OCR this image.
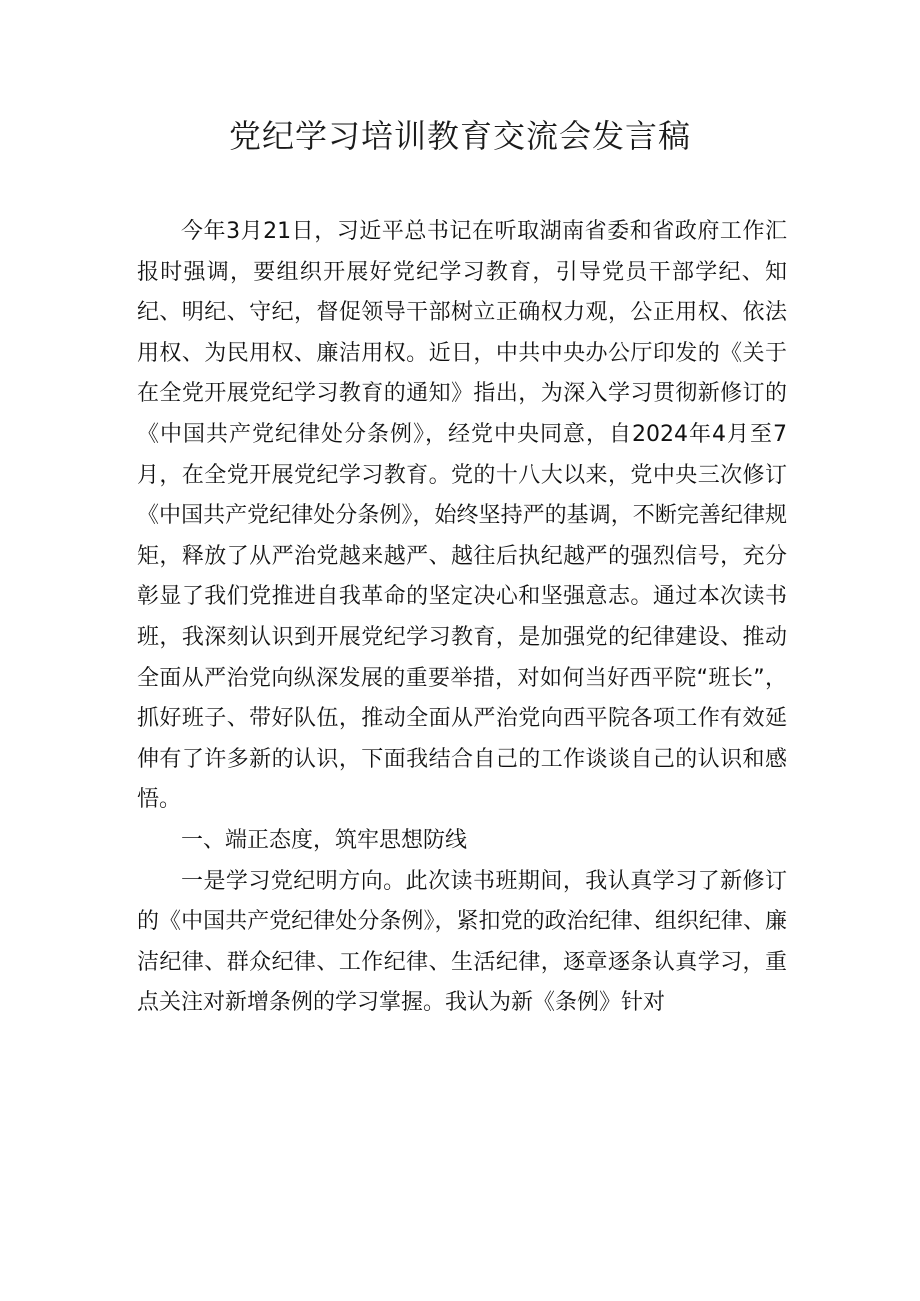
党纪学习培训教育交流会发言稿

今年3月21日，习近平总书记在听取湖南省委和省政府工作汇报时强调，要组织开展好党纪学习教育，引导党员干部学纪、知纪、明纪、守纪，督促领导干部树立正确权力观，公正用权、依法用权、为民用权、廉洁用权。近日，中共中央办公厅印发的《关于在全党开展党纪学习教育的通知》指出，为深入学习贯彻新修订的《中国共产党纪律处分条例》，经党中央同意，自2024年4月至7月，在全党开展党纪学习教育。党的十八大以来，党中央三次修订《中国共产党纪律处分条例》，始终坚持严的基调，不断完善纪律规矩，释放了从严治党越来越严、越往后执纪越严的强烈信号，充分彰显了我们党推进自我革命的坚定决心和坚强意志。通过本次读书班，我深刻认识到开展党纪学习教育，是加强党的纪律建设、推动全面从严治党向纵深发展的重要举措，对如何当好西平院“班长”，抓好班子、带好队伍，推动全面从严治党向西平院各项工作有效延伸有了许多新的认识，下面我结合自己的工作谈谈自己的认识和感悟。

一、端正态度，筑牢思想防线

一是学习党纪明方向。此次读书班期间，我认真学习了新修订的《中国共产党纪律处分条例》，紧扣党的政治纪律、组织纪律、廉洁纪律、群众纪律、工作纪律、生活纪律，逐章逐条认真学习，重点关注对新增条例的学习掌握。我认为新《条例》针对
